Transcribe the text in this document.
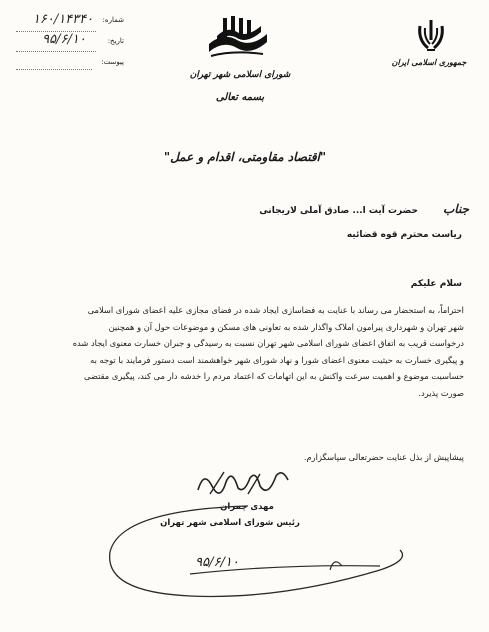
۱۶۰/۱۴۳۴۰	شماره:
۹۵/۶/۱۰	تاریخ:
پیوست:
شورای اسلامی شهر تهران
جمهوری اسلامی ایران
بسمه تعالی
"اقتصاد مقاومتی، اقدام و عمل"
جناب
حضرت آیت ا... صادق آملی لاریجانی
ریاست محترم قوه قضائیه
سلام علیکم
احتراماً، به استحضار می رساند با عنایت به فضاسازی ایجاد شده در فضای مجازی علیه اعضای شورای اسلامی
شهر تهران و شهرداری پیرامون املاک واگذار شده به تعاونی های مسکن و موضوعات حول آن و همچنین
درخواست قریب به اتفاق اعضای شورای اسلامی شهر تهران نسبت به رسیدگی و جبران خسارت معنوی ایجاد شده
و پیگیری خسارت به حیثیت معنوی اعضای شورا و نهاد شورای شهر خواهشمند است دستور فرمایند با توجه به
حساسیت موضوع و اهمیت سرعت واکنش به این اتهامات که اعتماد مردم را خدشه دار می کند، پیگیری مقتضی
صورت پذیرد.
پیشاپیش از بذل عنایت حضرتعالی سپاسگزارم.
مهدی چمران
رئیس شورای اسلامی شهر تهران
۹۵/۶/۱۰
